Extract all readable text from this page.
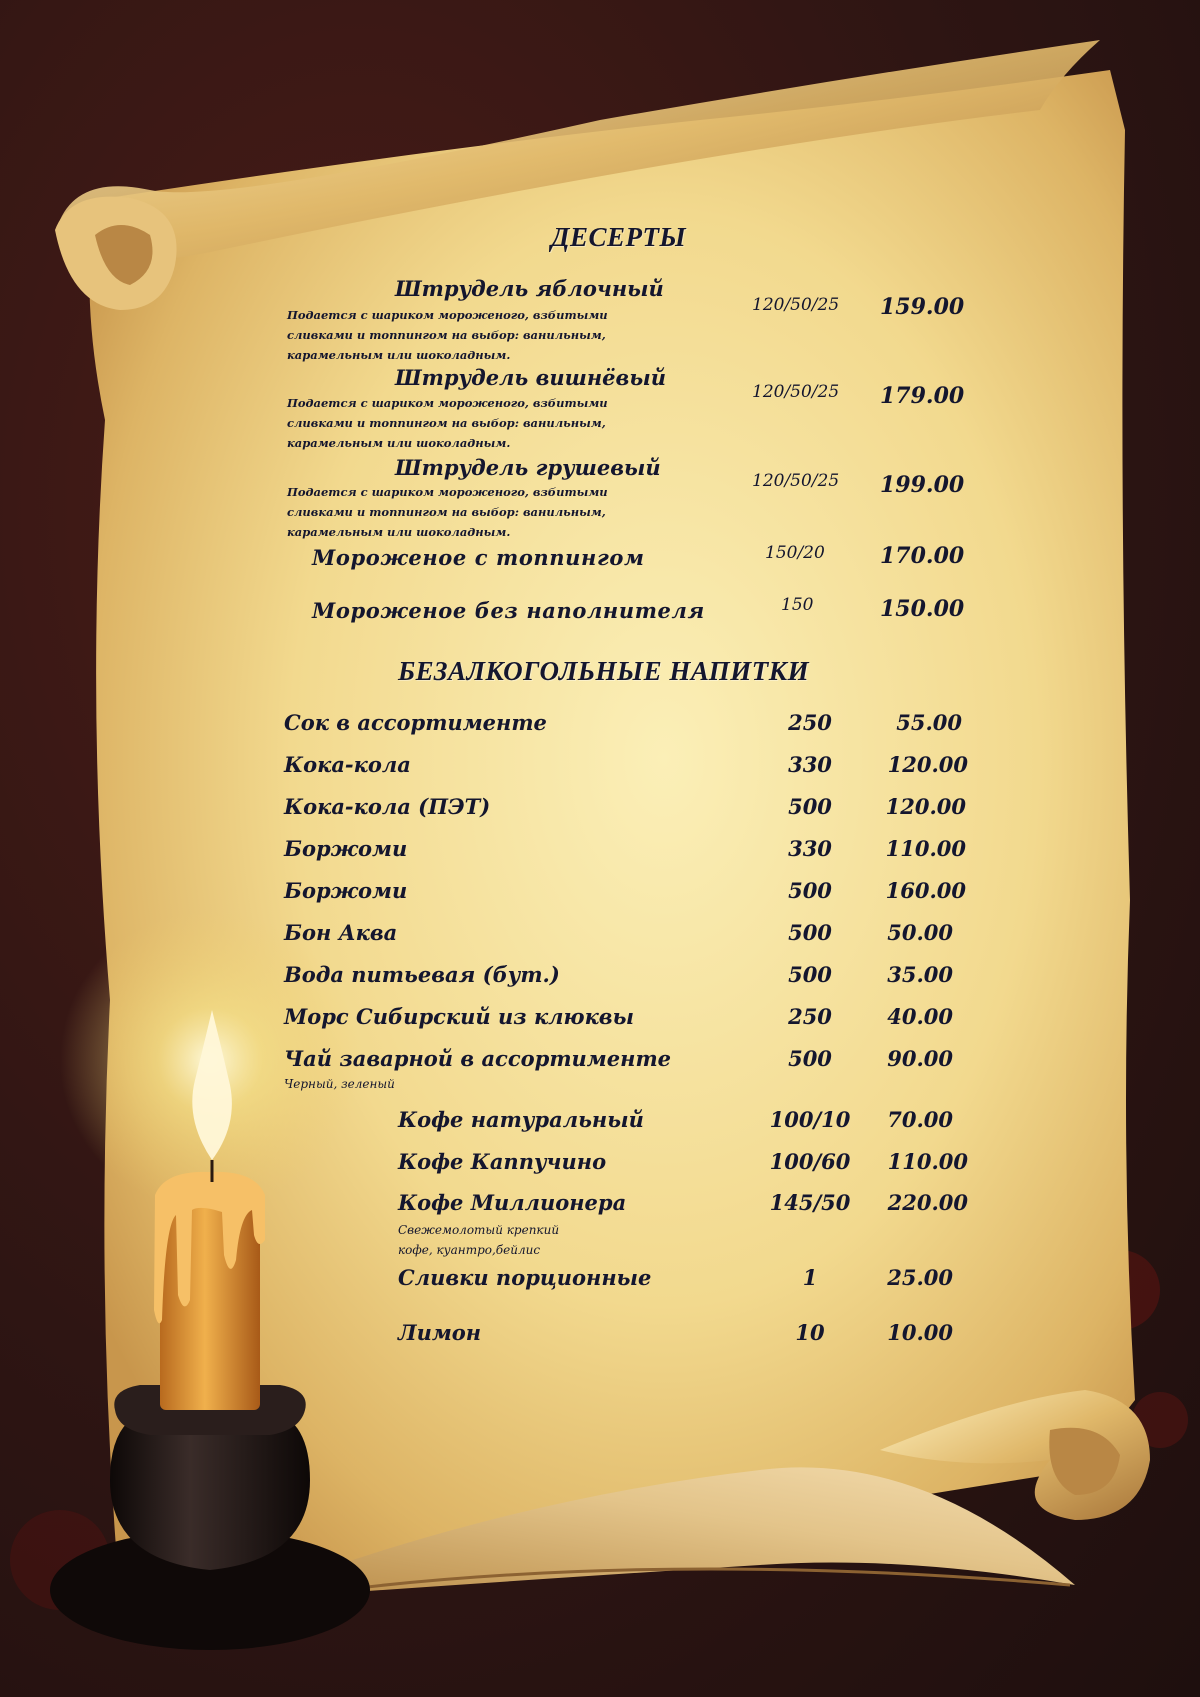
ДЕСЕРТЫ
Штрудель яблочный
Подается с шариком мороженого, взбитыми
сливками и топпингом на выбор: ванильным,
карамельным или шоколадным.
120/50/25 159.00
Штрудель вишнёвый
Подается с шариком мороженого, взбитыми
сливками и топпингом на выбор: ванильным,
карамельным или шоколадным.
120/50/25 179.00
Штрудель грушевый
Подается с шариком мороженого, взбитыми
сливками и топпингом на выбор: ванильным,
карамельным или шоколадным.
120/50/25 199.00
Мороженое с топпингом	150/20	170.00
Мороженое без наполнителя	150	150.00
БЕЗАЛКОГОЛЬНЫЕ НАПИТКИ
Сок в ассортименте	250	55.00
Кока-кола	330	120.00
Кока-кола (ПЭТ)	500	120.00
Боржоми	330	110.00
Боржоми	500	160.00
Бон Аква	500	50.00
Вода питьевая (бут.)	500	35.00
Морс Сибирский из клюквы	250	40.00
Чай заварной в ассортименте
Черный, зеленый
500	90.00
Кофе натуральный	100/10	70.00
Кофе Каппучино	100/60	110.00
Кофе Миллионера
Свежемолотый крепкий
кофе, куантро,бейлис
145/50	220.00
Сливки порционные	1	25.00
Лимон	10	10.00
